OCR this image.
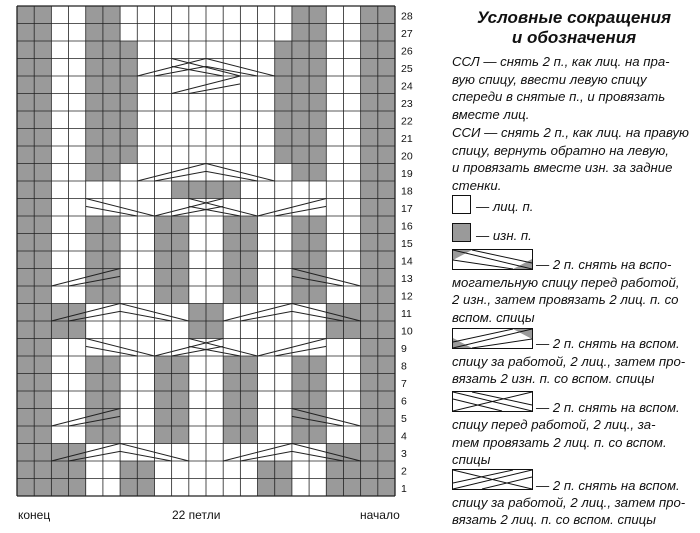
1
2
3
4
5
6
7
8
9
10
11
12
13
14
15
16
17
18
19
20
21
22
23
24
25
26
27
28
конец	22 петли	начало
Условные сокращения
и обозначения
ССЛ — снять 2 п., как лиц. на пра-
вую спицу, ввести левую спицу
спереди в снятые п., и провязать
вместе лиц.
ССИ — снять 2 п., как лиц. на правую
спицу, вернуть обратно на левую,
и провязать вместе изн. за задние
стенки.
— лиц. п.
— изн. п.
— 2 п. снять на вспо-
могательную спицу перед работой,
2 изн., затем провязать 2 лиц. п. со
вспом. спицы
— 2 п. снять на вспом.
спицу за работой, 2 лиц., затем про-
вязать 2 изн. п. со вспом. спицы
— 2 п. снять на вспом.
спицу перед работой, 2 лиц., за-
тем провязать 2 лиц. п. со вспом.
спицы
— 2 п. снять на вспом.
спицу за работой, 2 лиц., затем про-
вязать 2 лиц. п. со вспом. спицы
